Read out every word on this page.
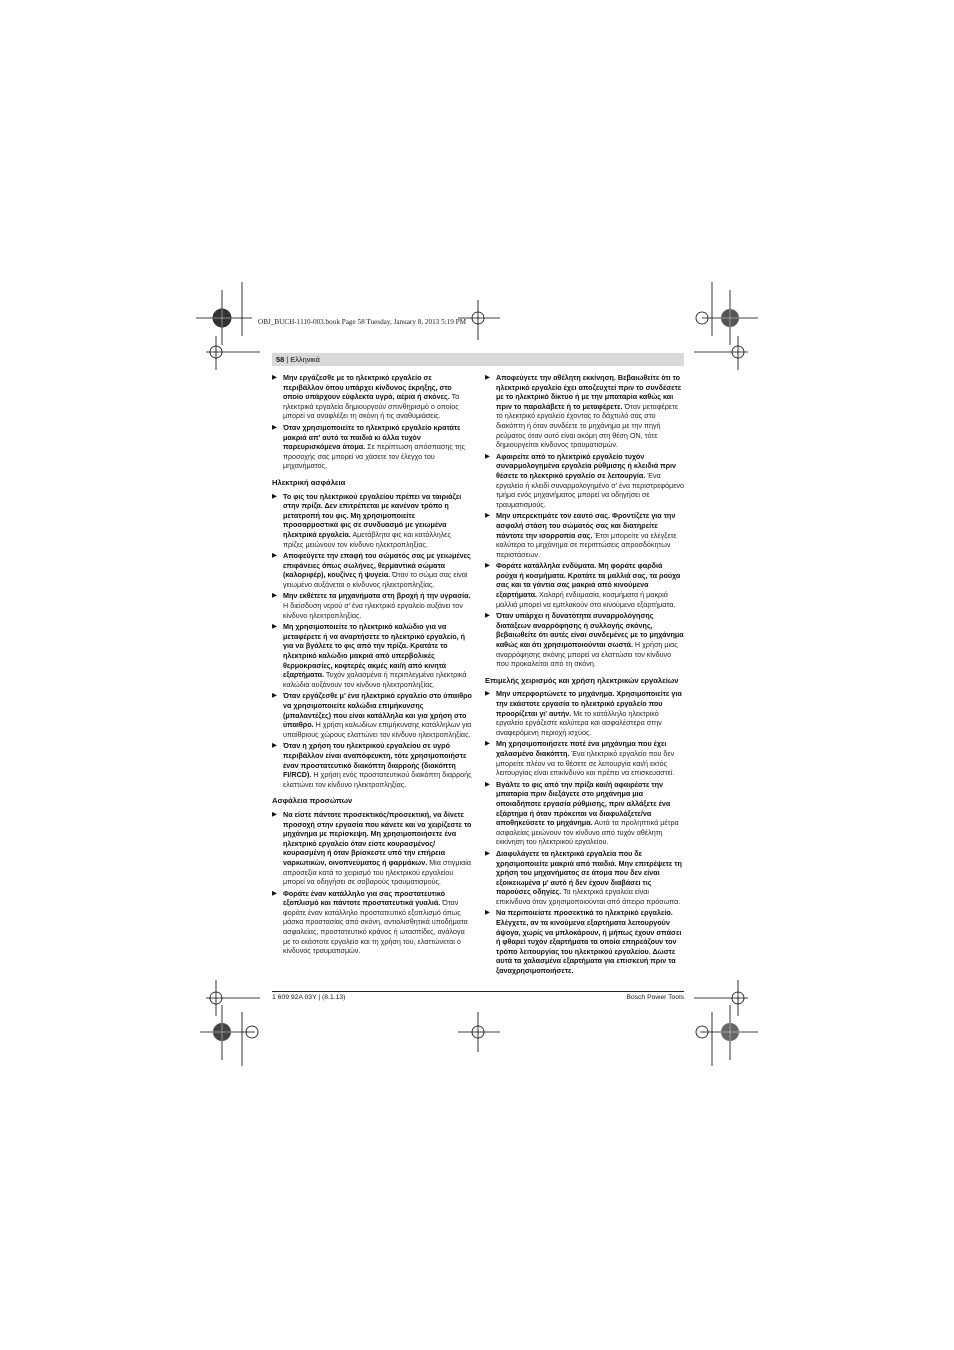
OBJ_BUCH-1110-003.book Page 58 Tuesday, January 8, 2013 5:19 PM
58 | Ελληνικά
▶ Μην εργάζεσθε με το ηλεκτρικό εργαλείο σε περιβάλλον όπου υπάρχει κίνδυνος έκρηξης, στο οποίο υπάρχουν εύφλεκτα υγρά, αέρια ή σκόνες. Τα ηλεκτρικά εργαλεία δημιουργούν σπινθηρισμό ο οποίος μπορεί να αναφλέξει τη σκόνη ή τις αναθυμιάσεις.
▶ Όταν χρησιμοποιείτε το ηλεκτρικό εργαλείο κρατάτε μακριά απ' αυτό τα παιδιά κι άλλα τυχόν παρευρισκόμενα άτομα. Σε περίπτωση απόσπασης της προσοχής σας μπορεί να χάσετε τον έλεγχο του μηχανήματος.
Ηλεκτρική ασφάλεια
▶ Το φις του ηλεκτρικού εργαλείου πρέπει να ταιριάζει στην πρίζα. Δεν επιτρέπεται με κανέναν τρόπο η μετατροπή του φις. Μη χρησιμοποιείτε προσαρμοστικά φις σε συνδυασμό με γειωμένα ηλεκτρικά εργαλεία. Αμετάβλητα φις και κατάλληλες πρίζες μειώνουν τον κίνδυνο ηλεκτροπληξίας.
▶ Αποφεύγετε την επαφή του σώματός σας με γειωμένες επιφάνειες όπως σωλήνες, θερμαντικά σώματα (καλοριφέρ), κουζίνες ή ψυγεία. Όταν το σώμα σας είναι γειωμένο αυξάνεται ο κίνδυνος ηλεκτροπληξίας.
▶ Μην εκθέτετε τα μηχανήματα στη βροχή ή την υγρασία. Η διείσδυση νερού σ' ένα ηλεκτρικό εργαλείο αυξάνει τον κίνδυνο ηλεκτροπληξίας.
▶ Μη χρησιμοποιείτε το ηλεκτρικό καλώδιο για να μεταφέρετε ή να αναρτήσετε το ηλεκτρικό εργαλείο, ή για να βγάλετε το φις από την πρίζα. Κρατάτε το ηλεκτρικό καλώδιο μακριά από υπερβολικές θερμοκρασίες, κοφτερές ακμές και/ή από κινητά εξαρτήματα. Τυχόν χαλασμένα ή περιπλεγμένα ηλεκτρικά καλώδια αυξάνουν τον κίνδυνο ηλεκτροπληξίας.
▶ Όταν εργάζεσθε μ' ένα ηλεκτρικό εργαλείο στο ύπαιθρο να χρησιμοποιείτε καλώδια επιμήκυνσης (μπαλαντέζες) που είναι κατάλληλα και για χρήση στο ύπαιθρο. Η χρήση καλωδίων επιμήκυνσης κατάλληλων για υπαίθριους χώρους ελαττώνει τον κίνδυνο ηλεκτροπληξίας.
▶ Όταν η χρήση του ηλεκτρικού εργαλείου σε υγρό περιβάλλον είναι αναπόφευκτη, τότε χρησιμοποιήστε έναν προστατευτικό διακόπτη διαρροής (διακόπτη FI/RCD). Η χρήση ενός προστατευτικού διακόπτη διαρροής ελαττώνει τον κίνδυνο ηλεκτροπληξίας.
Ασφάλεια προσώπων
▶ Να είστε πάντοτε προσεκτικός/προσεκτική, να δίνετε προσοχή στην εργασία που κάνετε και να χειρίζεστε το μηχάνημα με περίσκεψη. Μη χρησιμοποιήσετε ένα ηλεκτρικό εργαλείο όταν είστε κουρασμένος/κουρασμένη ή όταν βρίσκεστε υπό την επήρεια ναρκωτικών, οινοπνεύματος ή φαρμάκων. Μια στιγμιαία απροσεξία κατά το χειρισμό του ηλεκτρικού εργαλείου μπορεί να οδηγήσει σε σοβαρούς τραυματισμούς.
▶ Φοράτε έναν κατάλληλο για σας προστατευτικό εξοπλισμό και πάντοτε προστατευτικά γυαλιά. Όταν φοράτε έναν κατάλληλο προστατευτικό εξοπλισμό όπως μάσκα προστασίας από σκόνη, αντιολισθητικά υποδήματα ασφαλείας, προστατευτικό κράνος ή ωτασπίδες, ανάλογα με το εκάστοτε εργαλείο και τη χρήση του, ελαττώνεται ο κίνδυνος τραυματισμών.
▶ Αποφεύγετε την αθέλητη εκκίνηση. Βεβαιωθείτε ότι το ηλεκτρικό εργαλείο έχει αποζευχτεί πριν το συνδέσετε με το ηλεκτρικό δίκτυο ή με την μπαταρία καθώς και πριν το παραλάβετε ή το μεταφέρετε. Όταν μεταφέρετε το ηλεκτρικό εργαλείο έχοντας το δάχτυλό σας στο διακόπτη ή όταν συνδέετε το μηχάνημα με την πηγή ρεύματος όταν αυτό είναι ακόμη στη θέση ON, τότε δημιουργείται κίνδυνος τραυματισμών.
▶ Αφαιρείτε από το ηλεκτρικό εργαλείο τυχόν συναρμολογημένα εργαλεία ρύθμισης ή κλειδιά πριν θέσετε το ηλεκτρικό εργαλείο σε λειτουργία. Ένα εργαλείο ή κλειδί συναρμολογημένο σ' ένα περιστρεφόμενο τμήμα ενός μηχανήματος μπορεί να οδηγήσει σε τραυματισμούς.
▶ Μην υπερεκτιμάτε τον εαυτό σας. Φροντίζετε για την ασφαλή στάση του σώματός σας και διατηρείτε πάντοτε την ισορροπία σας. Έτσι μπορείτε να ελέγξετε καλύτερα το μηχάνημα σε περιπτώσεις απροσδόκητων περιστάσεων.
▶ Φοράτε κατάλληλα ενδύματα. Μη φοράτε φαρδιά ρούχα ή κοσμήματα. Κρατάτε τα μαλλιά σας, τα ρούχα σας και τα γάντια σας μακριά από κινούμενα εξαρτήματα. Χαλαρή ενδυμασία, κοσμήματα ή μακριά μαλλιά μπορεί να εμπλακούν στα κινούμενα εξαρτήματα.
▶ Όταν υπάρχει η δυνατότητα συναρμολόγησης διατάξεων αναρρόφησης ή συλλογής σκόνης, βεβαιωθείτε ότι αυτές είναι συνδεμένες με το μηχάνημα καθώς και ότι χρησιμοποιούνται σωστά. Η χρήση μιας αναρρόφησης σκόνης μπορεί να ελαττώσει τον κίνδυνο που προκαλείται από τη σκόνη.
Επιμελής χειρισμός και χρήση ηλεκτρικών εργαλείων
▶ Μην υπερφορτώνετε το μηχάνημα. Χρησιμοποιείτε για την εκάστοτε εργασία το ηλεκτρικό εργαλείο που προορίζεται γι' αυτήν. Με το κατάλληλο ηλεκτρικό εργαλείο εργάζεστε καλύτερα και ασφαλέστερα στην αναφερόμενη περιοχή ισχύος.
▶ Μη χρησιμοποιήσετε ποτέ ένα μηχάνημα που έχει χαλασμένο διακόπτη. Ένα ηλεκτρικό εργαλείο που δεν μπορείτε πλέον να το θέσετε σε λειτουργία και/ή εκτός λειτουργίας είναι επικίνδυνο και πρέπει να επισκευαστεί.
▶ Βγάλτε το φις από την πρίζα και/ή αφαιρέστε την μπαταρία πριν διεξάγετε στο μηχάνημα μια οποιαδήποτε εργασία ρύθμισης, πριν αλλάξετε ένα εξάρτημα ή όταν πρόκειται να διαφυλάξετε/να αποθηκεύσετε το μηχάνημα. Αυτά τα προληπτικά μέτρα ασφαλείας μειώνουν τον κίνδυνο από τυχόν αθέλητη εκκίνηση του ηλεκτρικού εργαλείου.
▶ Διαφυλάγετε τα ηλεκτρικά εργαλεία που δε χρησιμοποιείτε μακριά από παιδιά. Μην επιτρέψετε τη χρήση του μηχανήματος σε άτομα που δεν είναι εξοικειωμένα μ' αυτό ή δεν έχουν διαβάσει τις παρούσες οδηγίες. Τα ηλεκτρικά εργαλεία είναι επικίνδυνα όταν χρησιμοποιούνται από άπειρα πρόσωπα.
▶ Να περιποιείστε προσεκτικά το ηλεκτρικό εργαλείο. Ελέγχετε, αν τα κινούμενα εξαρτήματα λειτουργούν άψογα, χωρίς να μπλοκάρουν, ή μήπως έχουν σπάσει ή φθαρεί τυχόν εξαρτήματα τα οποία επηρεάζουν τον τρόπο λειτουργίας του ηλεκτρικού εργαλείου. Δώστε αυτά τα χαλασμένα εξαρτήματα για επισκευή πριν τα ξαναχρησιμοποιήσετε.
1 609 92A 03Y | (8.1.13)	Bosch Power Tools
